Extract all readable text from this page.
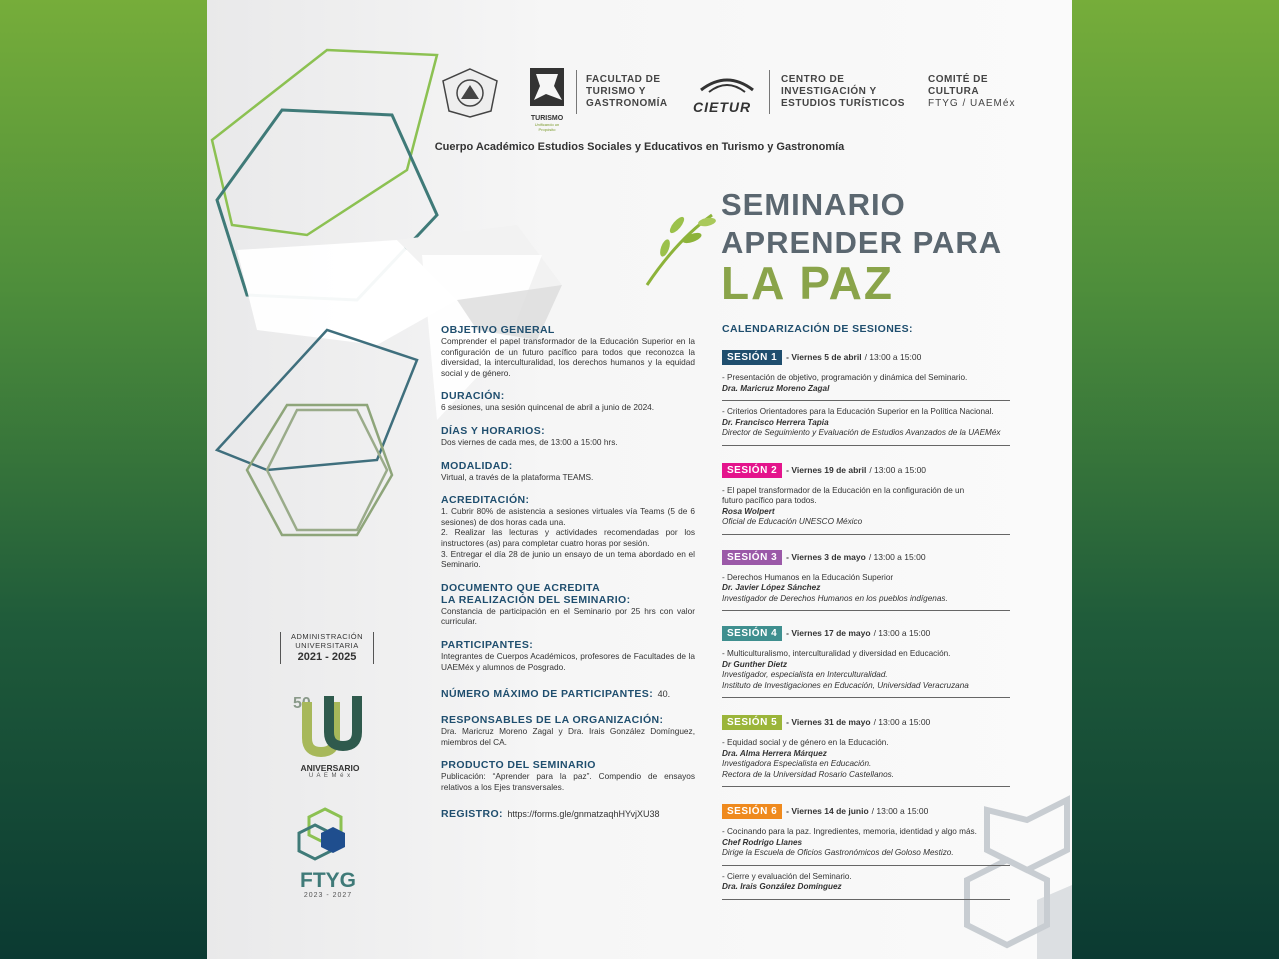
TURISMO
Unificando un Propósito
FACULTAD DE
TURISMO Y
GASTRONOMÍA CIETUR
CENTRO DE
INVESTIGACIÓN Y
ESTUDIOS TURÍSTICOS
COMITÉ DE
CULTURA
FTYG / UAEMéx
Cuerpo Académico Estudios Sociales y Educativos en Turismo y Gastronomía
SEMINARIO
APRENDER PARA
LA PAZ
OBJETIVO GENERAL
Comprender el papel transformador de la Educación Superior en la configuración de un futuro pacífico para todos que reconozca la diversidad, la interculturalidad, los derechos humanos y la equidad social y de género.
DURACIÓN:
6 sesiones, una sesión quincenal de abril a junio de 2024.
DÍAS Y HORARIOS:
Dos viernes de cada mes, de 13:00 a 15:00 hrs.
MODALIDAD:
Virtual, a través de la plataforma TEAMS.
ACREDITACIÓN:
1. Cubrir 80% de asistencia a sesiones virtuales vía Teams (5 de 6 sesiones) de dos horas cada una.
2. Realizar las lecturas y actividades recomendadas por los instructores (as) para completar cuatro horas por sesión.
3. Entregar el día 28 de junio un ensayo de un tema abordado en el Seminario.
DOCUMENTO QUE ACREDITA
LA REALIZACIÓN DEL SEMINARIO:
Constancia de participación en el Seminario por 25 hrs con valor curricular.
PARTICIPANTES:
Integrantes de Cuerpos Académicos, profesores de Facultades de la UAEMéx y alumnos de Posgrado.
NÚMERO MÁXIMO DE PARTICIPANTES: 40.
RESPONSABLES DE LA ORGANIZACIÓN:
Dra. Maricruz Moreno Zagal y Dra. Irais González Domínguez, miembros del CA.
PRODUCTO DEL SEMINARIO
Publicación: “Aprender para la paz”. Compendio de ensayos relativos a los Ejes transversales.
REGISTRO: https://forms.gle/gnmatzaqhHYvjXU38
CALENDARIZACIÓN DE SESIONES:
SESIÓN 1 - Viernes 5 de abril / 13:00 a 15:00
- Presentación de objetivo, programación y dinámica del Seminario.
Dra. Maricruz Moreno Zagal
- Criterios Orientadores para la Educación Superior en la Política Nacional.
Dr. Francisco Herrera Tapia
Director de Seguimiento y Evaluación de Estudios Avanzados de la UAEMéx
SESIÓN 2 - Viernes 19 de abril / 13:00 a 15:00
- El papel transformador de la Educación en la configuración de un futuro pacífico para todos.
Rosa Wolpert
Oficial de Educación UNESCO México
SESIÓN 3 - Viernes 3 de mayo / 13:00 a 15:00
- Derechos Humanos en la Educación Superior
Dr. Javier López Sánchez
Investigador de Derechos Humanos en los pueblos indígenas.
SESIÓN 4 - Viernes 17 de mayo / 13:00 a 15:00
- Multiculturalismo, interculturalidad y diversidad en Educación.
Dr Gunther Dietz
Investigador, especialista en Interculturalidad.
Instituto de Investigaciones en Educación, Universidad Veracruzana
SESIÓN 5 - Viernes 31 de mayo / 13:00 a 15:00
- Equidad social y de género en la Educación.
Dra. Alma Herrera Márquez
Investigadora Especialista en Educación.
Rectora de la Universidad Rosario Castellanos.
SESIÓN 6 - Viernes 14 de junio / 13:00 a 15:00
- Cocinando para la paz. Ingredientes, memoria, identidad y algo más.
Chef Rodrigo Llanes
Dirige la Escuela de Oficios Gastronómicos del Goloso Mestizo.
- Cierre y evaluación del Seminario.
Dra. Irais González Domínguez
ADMINISTRACIÓN
UNIVERSITARIA
2021 - 2025
50
ANIVERSARIO
U A E M é x
FTYG
2023 - 2027
